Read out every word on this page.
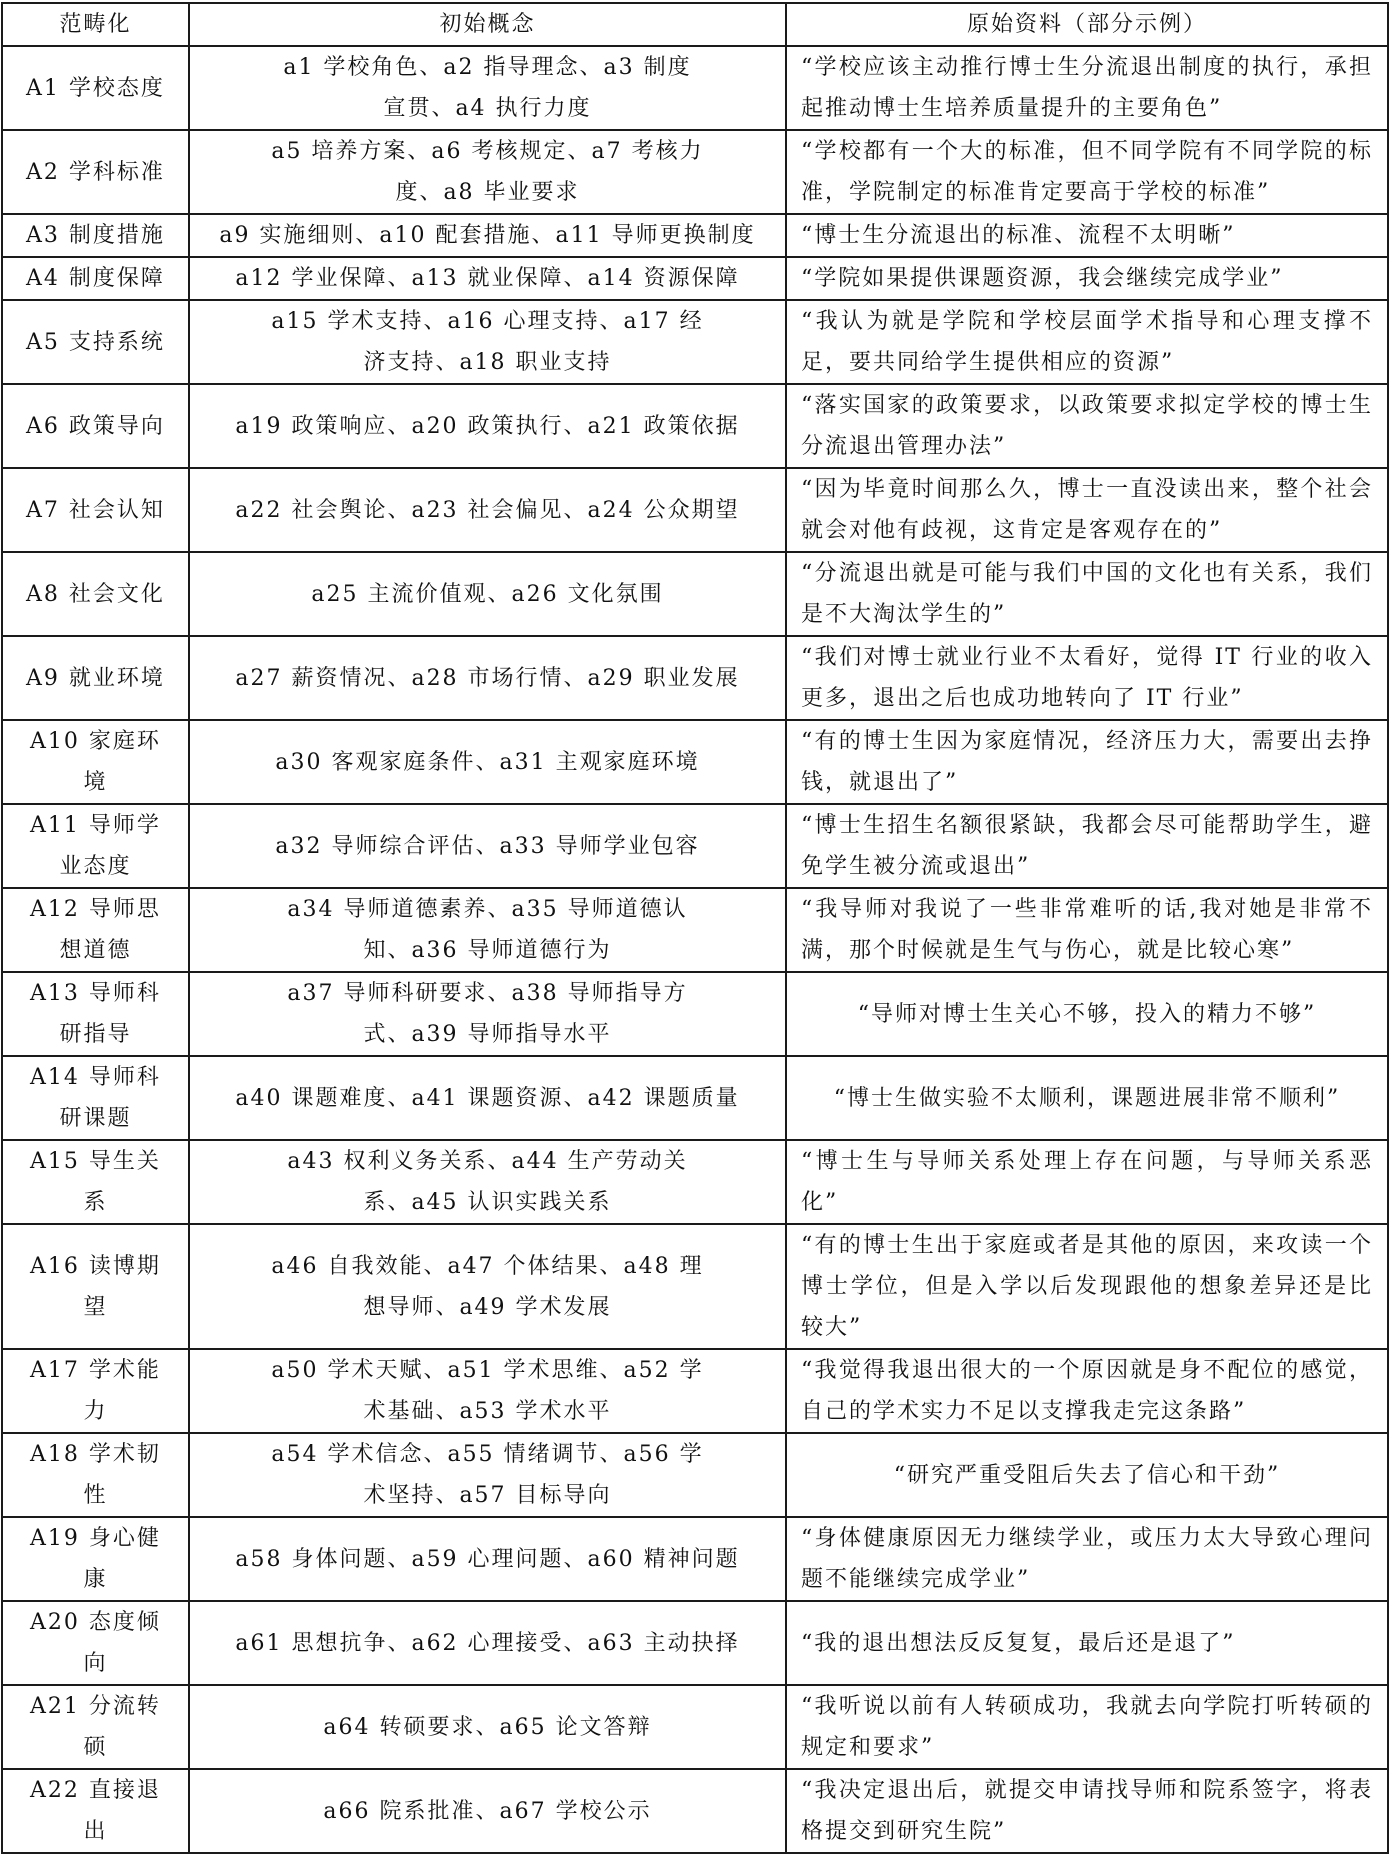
范畴化	初始概念	原始资料（部分示例）

A1 学校态度	a1 学校角色、a2 指导理念、a3 制度宣贯、a4 执行力度	“学校应该主动推行博士生分流退出制度的执行，承担起推动博士生培养质量提升的主要角色”

A2 学科标准	a5 培养方案、a6 考核规定、a7 考核力度、a8 毕业要求	“学校都有一个大的标准，但不同学院有不同学院的标准，学院制定的标准肯定要高于学校的标准”

A3 制度措施	a9 实施细则、a10 配套措施、a11 导师更换制度	“博士生分流退出的标准、流程不太明晰”

A4 制度保障	a12 学业保障、a13 就业保障、a14 资源保障	“学院如果提供课题资源，我会继续完成学业”

A5 支持系统	a15 学术支持、a16 心理支持、a17 经济支持、a18 职业支持	“我认为就是学院和学校层面学术指导和心理支撑不足，要共同给学生提供相应的资源”

A6 政策导向	a19 政策响应、a20 政策执行、a21 政策依据	“落实国家的政策要求，以政策要求拟定学校的博士生分流退出管理办法”

A7 社会认知	a22 社会舆论、a23 社会偏见、a24 公众期望	“因为毕竟时间那么久，博士一直没读出来，整个社会就会对他有歧视，这肯定是客观存在的”

A8 社会文化	a25 主流价值观、a26 文化氛围	“分流退出就是可能与我们中国的文化也有关系，我们是不大淘汰学生的”

A9 就业环境	a27 薪资情况、a28 市场行情、a29 职业发展	“我们对博士就业行业不太看好，觉得 IT 行业的收入更多，退出之后也成功地转向了 IT 行业”

A10 家庭环境	a30 客观家庭条件、a31 主观家庭环境	“有的博士生因为家庭情况，经济压力大，需要出去挣钱，就退出了”

A11 导师学业态度	a32 导师综合评估、a33 导师学业包容	“博士生招生名额很紧缺，我都会尽可能帮助学生，避免学生被分流或退出”

A12 导师思想道德	a34 导师道德素养、a35 导师道德认知、a36 导师道德行为	“我导师对我说了一些非常难听的话,我对她是非常不满，那个时候就是生气与伤心，就是比较心寒”

A13 导师科研指导	a37 导师科研要求、a38 导师指导方式、a39 导师指导水平	“导师对博士生关心不够，投入的精力不够”

A14 导师科研课题	a40 课题难度、a41 课题资源、a42 课题质量	“博士生做实验不太顺利，课题进展非常不顺利”

A15 导生关系	a43 权利义务关系、a44 生产劳动关系、a45 认识实践关系	“博士生与导师关系处理上存在问题，与导师关系恶化”

A16 读博期望	a46 自我效能、a47 个体结果、a48 理想导师、a49 学术发展	“有的博士生出于家庭或者是其他的原因，来攻读一个博士学位，但是入学以后发现跟他的想象差异还是比较大”

A17 学术能力	a50 学术天赋、a51 学术思维、a52 学术基础、a53 学术水平	“我觉得我退出很大的一个原因就是身不配位的感觉，自己的学术实力不足以支撑我走完这条路”

A18 学术韧性	a54 学术信念、a55 情绪调节、a56 学术坚持、a57 目标导向	“研究严重受阻后失去了信心和干劲”

A19 身心健康	a58 身体问题、a59 心理问题、a60 精神问题	“身体健康原因无力继续学业，或压力太大导致心理问题不能继续完成学业”

A20 态度倾向	a61 思想抗争、a62 心理接受、a63 主动抉择	“我的退出想法反反复复，最后还是退了”

A21 分流转硕	a64 转硕要求、a65 论文答辩	“我听说以前有人转硕成功，我就去向学院打听转硕的规定和要求”

A22 直接退出	a66 院系批准、a67 学校公示	“我决定退出后，就提交申请找导师和院系签字，将表格提交到研究生院”
